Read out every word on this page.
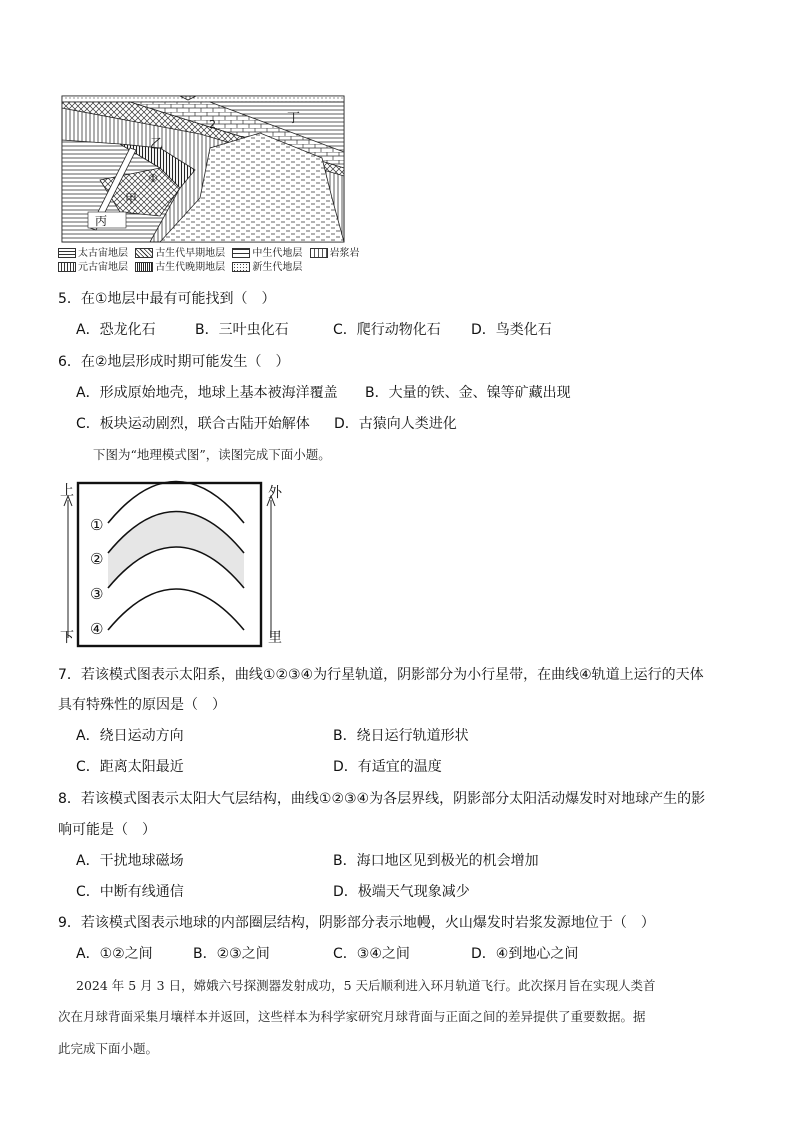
乙
丁
2
①
甲
丙
太古宙地层	古生代早期地层	中生代地层	岩浆岩
元古宙地层	古生代晚期地层	新生代地层
5．在①地层中最有可能找到（　）
A．恐龙化石	B．三叶虫化石	C．爬行动物化石 D．鸟类化石
6．在②地层形成时期可能发生（　）
A．形成原始地壳，地球上基本被海洋覆盖 B．大量的铁、金、镍等矿藏出现
C．板块运动剧烈，联合古陆开始解体 D．古猿向人类进化
下图为“地理模式图”，读图完成下面小题。
上
下
外
里
①
②
③
④
7．若该模式图表示太阳系，曲线①②③④为行星轨道，阴影部分为小行星带，在曲线④轨道上运行的天体
具有特殊性的原因是（　）
A．绕日运动方向	B．绕日运行轨道形状
C．距离太阳最近	D．有适宜的温度
8．若该模式图表示太阳大气层结构，曲线①②③④为各层界线，阴影部分太阳活动爆发时对地球产生的影
响可能是（　）
A．干扰地球磁场	B．海口地区见到极光的机会增加
C．中断有线通信	D．极端天气现象减少
9．若该模式图表示地球的内部圈层结构，阴影部分表示地幔，火山爆发时岩浆发源地位于（　）
A．①②之间	B．②③之间	C．③④之间	D．④到地心之间
2024 年 5 月 3 日，嫦娥六号探测器发射成功，5 天后顺利进入环月轨道飞行。此次探月旨在实现人类首
次在月球背面采集月壤样本并返回，这些样本为科学家研究月球背面与正面之间的差异提供了重要数据。据
此完成下面小题。
